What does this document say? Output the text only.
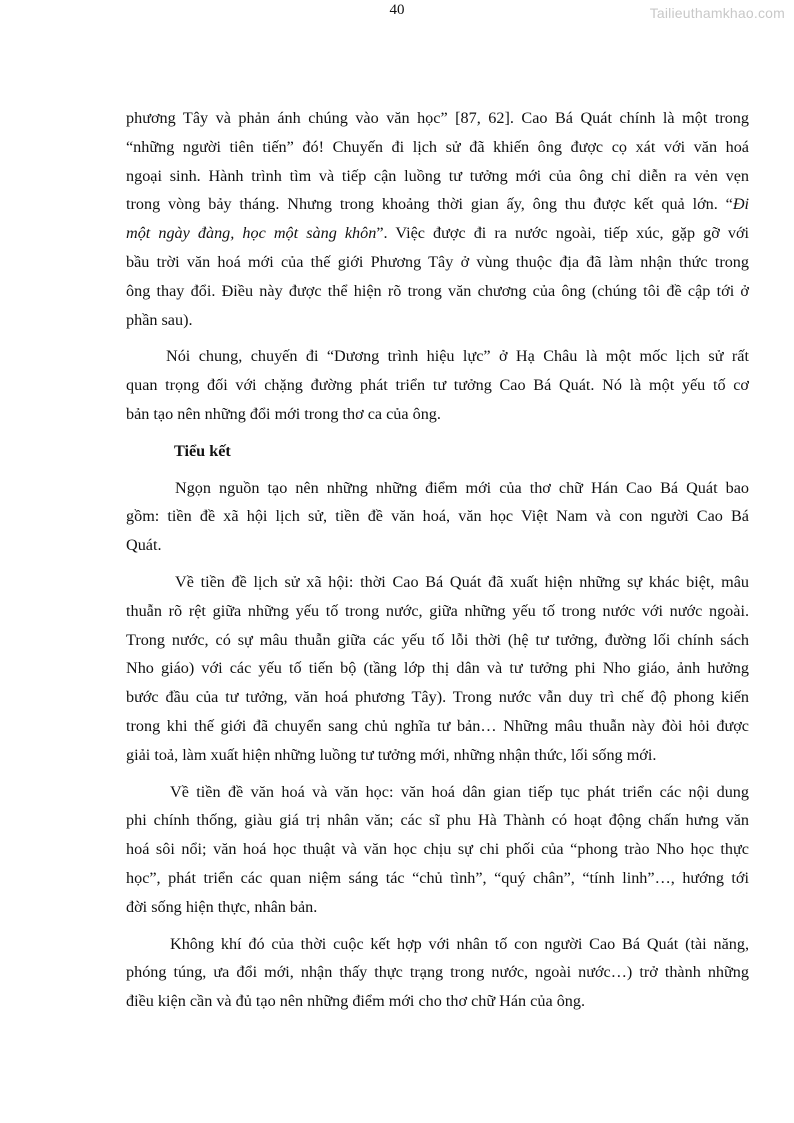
40	Tailieuthamkhao.com

phương Tây và phản ánh chúng vào văn học” [87, 62]. Cao Bá Quát chính là một trong
“những người tiên tiến” đó! Chuyến đi lịch sử đã khiến ông được cọ xát với văn hoá
ngoại sinh. Hành trình tìm và tiếp cận luồng tư tưởng mới của ông chỉ diễn ra vẻn vẹn
trong vòng bảy tháng. Nhưng trong khoảng thời gian ấy, ông thu được kết quả lớn. “Đi
một ngày đàng, học một sàng khôn”. Việc được đi ra nước ngoài, tiếp xúc, gặp gỡ với
bầu trời văn hoá mới của thế giới Phương Tây ở vùng thuộc địa đã làm nhận thức trong
ông thay đổi. Điều này được thể hiện rõ trong văn chương của ông (chúng tôi đề cập tới ở
phần sau).

Nói chung, chuyến đi “Dương trình hiệu lực” ở Hạ Châu là một mốc lịch sử rất
quan trọng đối với chặng đường phát triển tư tưởng Cao Bá Quát. Nó là một yếu tố cơ
bản tạo nên những đổi mới trong thơ ca của ông.

Tiểu kết

Ngọn nguồn tạo nên những những điểm mới của thơ chữ Hán Cao Bá Quát bao
gồm: tiền đề xã hội lịch sử, tiền đề văn hoá, văn học Việt Nam và con người Cao Bá
Quát.

Về tiền đề lịch sử xã hội: thời Cao Bá Quát đã xuất hiện những sự khác biệt, mâu
thuẫn rõ rệt giữa những yếu tố trong nước, giữa những yếu tố trong nước với nước ngoài.
Trong nước, có sự mâu thuẫn giữa các yếu tố lỗi thời (hệ tư tưởng, đường lối chính sách
Nho giáo) với các yếu tố tiến bộ (tầng lớp thị dân và tư tưởng phi Nho giáo, ảnh hưởng
bước đầu của tư tưởng, văn hoá phương Tây). Trong nước vẫn duy trì chế độ phong kiến
trong khi thế giới đã chuyển sang chủ nghĩa tư bản… Những mâu thuẫn này đòi hỏi được
giải toả, làm xuất hiện những luồng tư tưởng mới, những nhận thức, lối sống mới.

Về tiền đề văn hoá và văn học: văn hoá dân gian tiếp tục phát triển các nội dung
phi chính thống, giàu giá trị nhân văn; các sĩ phu Hà Thành có hoạt động chấn hưng văn
hoá sôi nổi; văn hoá học thuật và văn học chịu sự chi phối của “phong trào Nho học thực
học”, phát triển các quan niệm sáng tác “chủ tình”, “quý chân”, “tính linh”…, hướng tới
đời sống hiện thực, nhân bản.

Không khí đó của thời cuộc kết hợp với nhân tố con người Cao Bá Quát (tài năng,
phóng túng, ưa đổi mới, nhận thấy thực trạng trong nước, ngoài nước…) trở thành những
điều kiện cần và đủ tạo nên những điểm mới cho thơ chữ Hán của ông.
